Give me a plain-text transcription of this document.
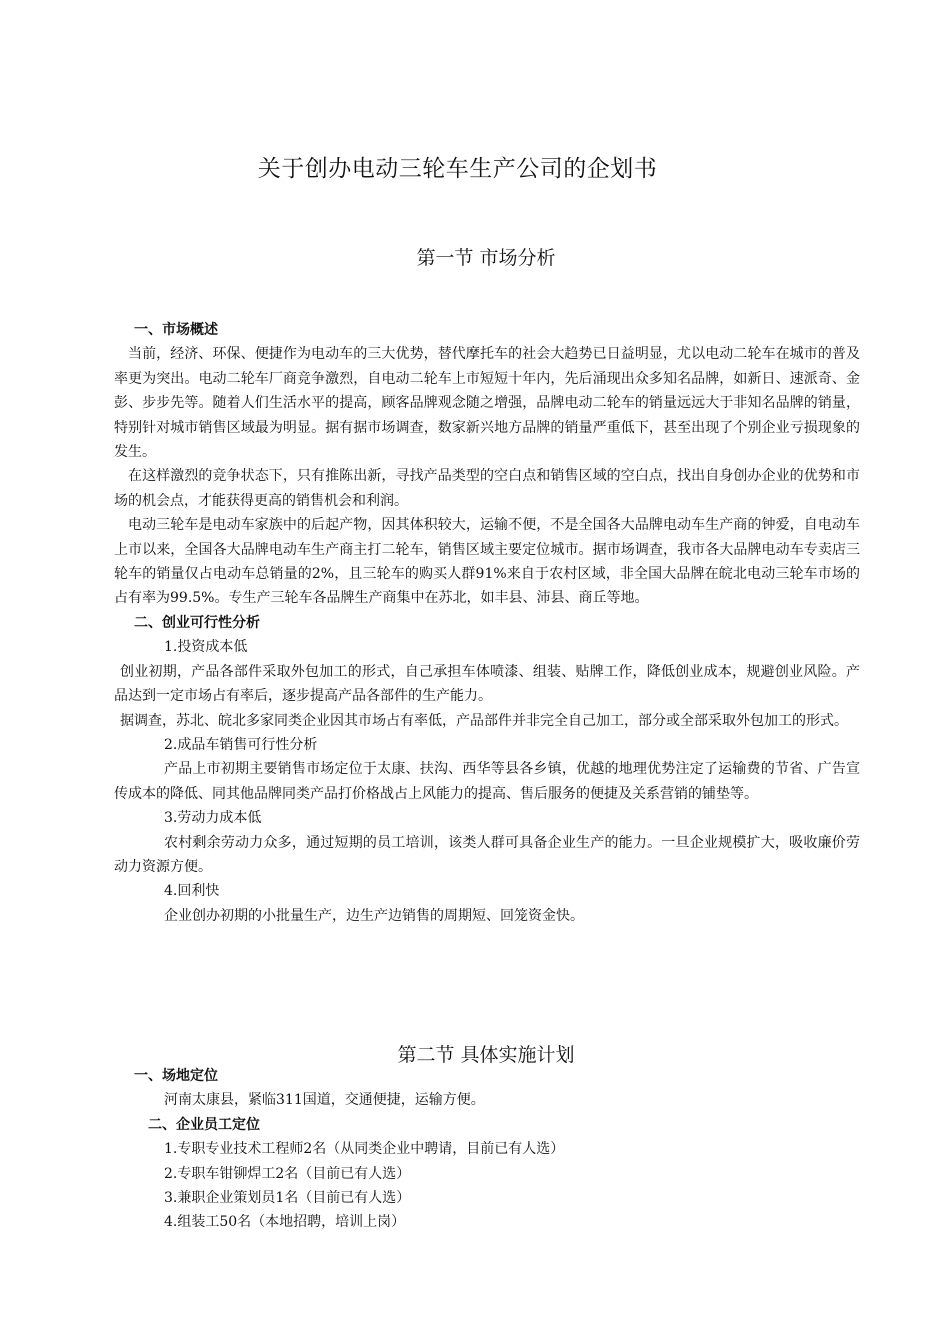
关于创办电动三轮车生产公司的企划书
第一节 市场分析

一、市场概述

当前，经济、环保、便捷作为电动车的三大优势，替代摩托车的社会大趋势已日益明显，尤以电动二轮车在城市的普及率更为突出。电动二轮车厂商竞争激烈，自电动二轮车上市短短十年内，先后涌现出众多知名品牌，如新日、速派奇、金彭、步步先等。随着人们生活水平的提高，顾客品牌观念随之增强，品牌电动二轮车的销量远远大于非知名品牌的销量，特别针对城市销售区域最为明显。据有据市场调查，数家新兴地方品牌的销量严重低下，甚至出现了个别企业亏损现象的发生。

在这样激烈的竞争状态下，只有推陈出新，寻找产品类型的空白点和销售区域的空白点，找出自身创办企业的优势和市场的机会点，才能获得更高的销售机会和利润。

电动三轮车是电动车家族中的后起产物，因其体积较大，运输不便，不是全国各大品牌电动车生产商的钟爱，自电动车上市以来，全国各大品牌电动车生产商主打二轮车，销售区域主要定位城市。据市场调查，我市各大品牌电动车专卖店三轮车的销量仅占电动车总销量的2%，且三轮车的购买人群91%来自于农村区域，非全国大品牌在皖北电动三轮车市场的占有率为99.5%。专生产三轮车各品牌生产商集中在苏北，如丰县、沛县、商丘等地。

二、创业可行性分析

1.投资成本低

创业初期，产品各部件采取外包加工的形式，自己承担车体喷漆、组装、贴牌工作，降低创业成本，规避创业风险。产品达到一定市场占有率后，逐步提高产品各部件的生产能力。

据调查，苏北、皖北多家同类企业因其市场占有率低，产品部件并非完全自己加工，部分或全部采取外包加工的形式。

2.成品车销售可行性分析

产品上市初期主要销售市场定位于太康、扶沟、西华等县各乡镇，优越的地理优势注定了运输费的节省、广告宣传成本的降低、同其他品牌同类产品打价格战占上风能力的提高、售后服务的便捷及关系营销的铺垫等。

3.劳动力成本低

农村剩余劳动力众多，通过短期的员工培训，该类人群可具备企业生产的能力。一旦企业规模扩大，吸收廉价劳动力资源方便。

4.回利快

企业创办初期的小批量生产，边生产边销售的周期短、回笼资金快。

第二节 具体实施计划

一、场地定位

河南太康县，紧临311国道，交通便捷，运输方便。

二、企业员工定位

1.专职专业技术工程师2名（从同类企业中聘请，目前已有人选）

2.专职车钳铆焊工2名（目前已有人选）

3.兼职企业策划员1名（目前已有人选）

4.组装工50名（本地招聘，培训上岗）
